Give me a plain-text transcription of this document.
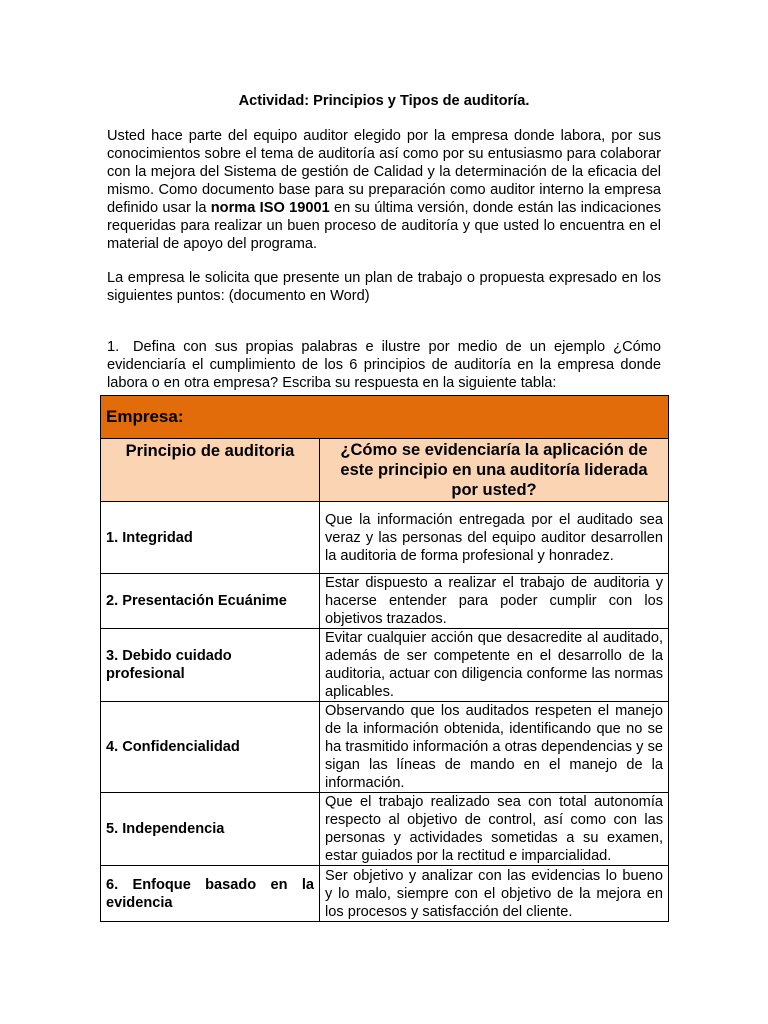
Actividad: Principios y Tipos de auditoría.

Usted hace parte del equipo auditor elegido por la empresa donde labora, por sus conocimientos sobre el tema de auditoría así como por su entusiasmo para colaborar con la mejora del Sistema de gestión de Calidad y la determinación de la eficacia del mismo. Como documento base para su preparación como auditor interno la empresa definido usar la norma ISO 19001 en su última versión, donde están las indicaciones requeridas para realizar un buen proceso de auditoría y que usted lo encuentra en el material de apoyo del programa.

La empresa le solicita que presente un plan de trabajo o propuesta expresado en los siguientes puntos: (documento en Word)

1. Defina con sus propias palabras e ilustre por medio de un ejemplo ¿Cómo evidenciaría el cumplimiento de los 6 principios de auditoría en la empresa donde labora o en otra empresa? Escriba su respuesta en la siguiente tabla:

Empresa:	
Principio de auditoria	¿Cómo se evidenciaría la aplicación de este principio en una auditoría liderada por usted?
1. Integridad	Que la información entregada por el auditado sea veraz y las personas del equipo auditor desarrollen la auditoria de forma profesional y honradez.
2. Presentación Ecuánime	Estar dispuesto a realizar el trabajo de auditoria y hacerse entender para poder cumplir con los objetivos trazados.
3. Debido cuidado profesional	Evitar cualquier acción que desacredite al auditado, además de ser competente en el desarrollo de la auditoria, actuar con diligencia conforme las normas aplicables.
4. Confidencialidad	Observando que los auditados respeten el manejo de la información obtenida, identificando que no se ha trasmitido información a otras dependencias y se sigan las líneas de mando en el manejo de la información.
5. Independencia	Que el trabajo realizado sea con total autonomía respecto al objetivo de control, así como con las personas y actividades sometidas a su examen, estar guiados por la rectitud e imparcialidad.
6. Enfoque basado en la evidencia	Ser objetivo y analizar con las evidencias lo bueno y lo malo, siempre con el objetivo de la mejora en los procesos y satisfacción del cliente.
